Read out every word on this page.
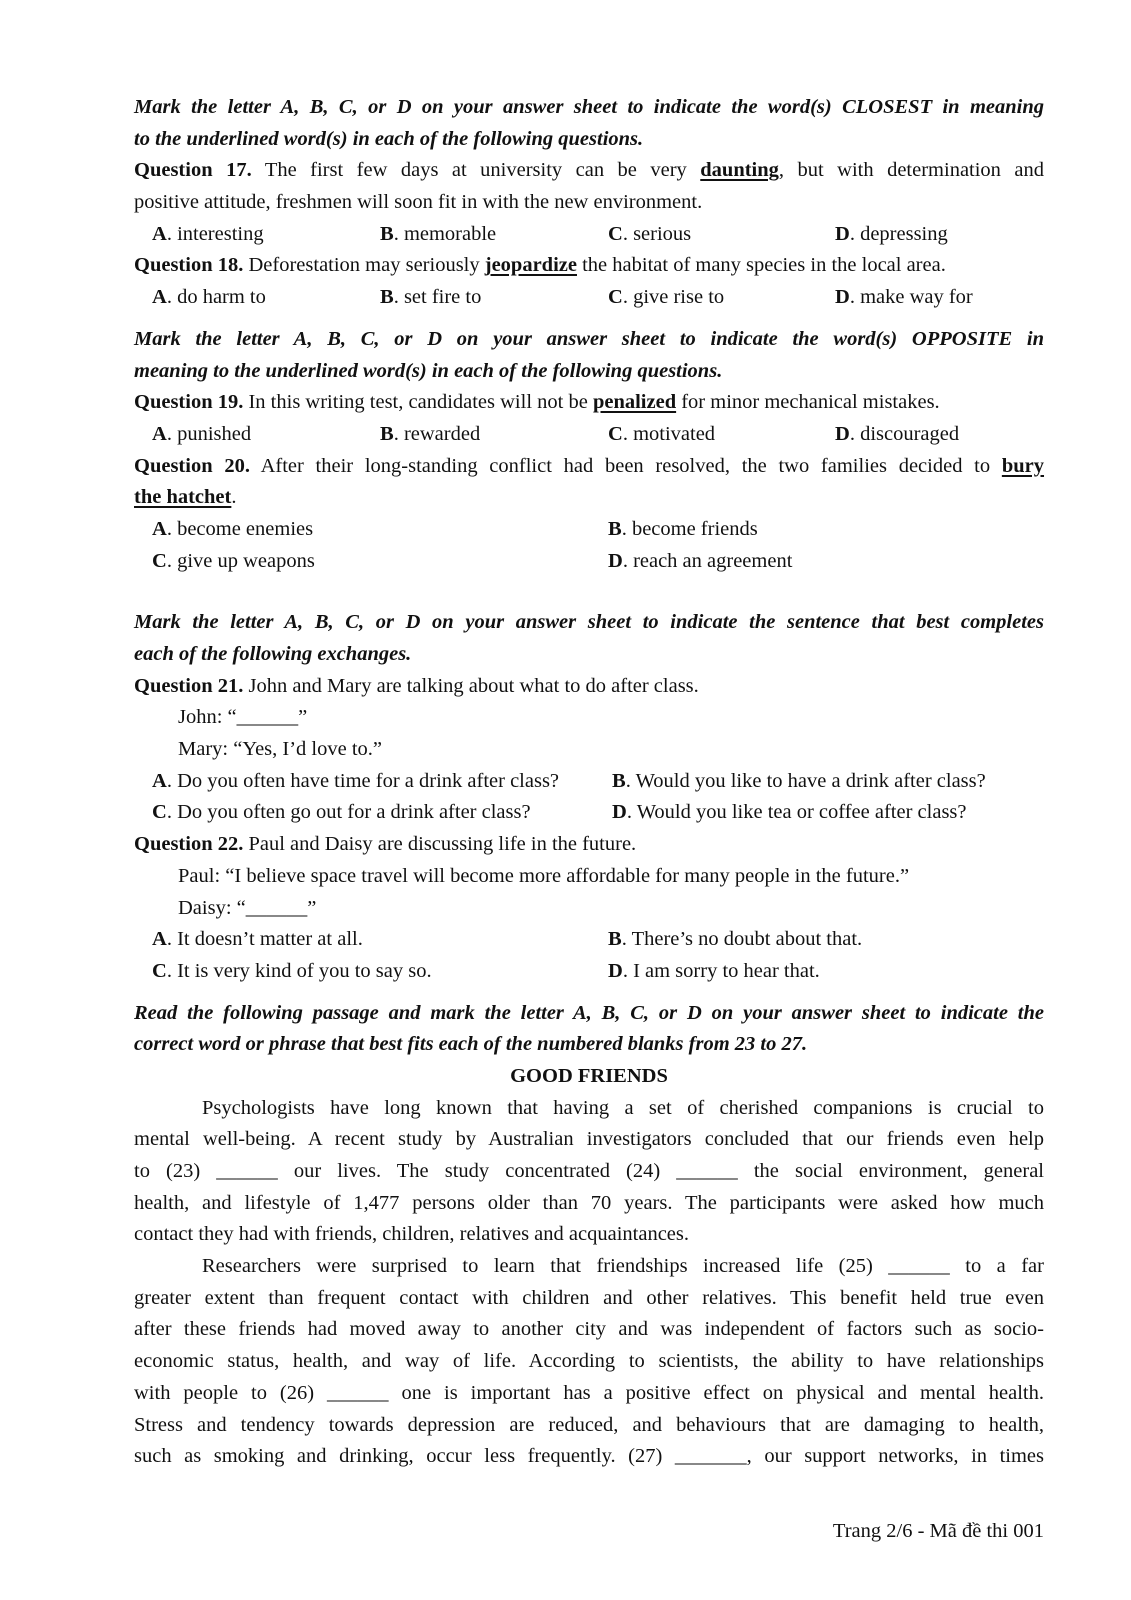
Mark the letter A, B, C, or D on your answer sheet to indicate the word(s) CLOSEST in meaning
to the underlined word(s) in each of the following questions.
Question 17. The first few days at university can be very daunting, but with determination and
positive attitude, freshmen will soon fit in with the new environment.
A. interesting	B. memorable	C. serious	D. depressing
Question 18. Deforestation may seriously jeopardize the habitat of many species in the local area.
A. do harm to	B. set fire to	C. give rise to	D. make way for
Mark the letter A, B, C, or D on your answer sheet to indicate the word(s) OPPOSITE in
meaning to the underlined word(s) in each of the following questions.
Question 19. In this writing test, candidates will not be penalized for minor mechanical mistakes.
A. punished	B. rewarded	C. motivated	D. discouraged
Question 20. After their long-standing conflict had been resolved, the two families decided to bury
the hatchet.
A. become enemies	B. become friends
C. give up weapons	D. reach an agreement
Mark the letter A, B, C, or D on your answer sheet to indicate the sentence that best completes
each of the following exchanges.
Question 21. John and Mary are talking about what to do after class.
John: “______”
Mary: “Yes, I’d love to.”
A. Do you often have time for a drink after class?	B. Would you like to have a drink after class?
C. Do you often go out for a drink after class?	D. Would you like tea or coffee after class?
Question 22. Paul and Daisy are discussing life in the future.
Paul: “I believe space travel will become more affordable for many people in the future.”
Daisy: “______”
A. It doesn’t matter at all.	B. There’s no doubt about that.
C. It is very kind of you to say so.	D. I am sorry to hear that.
Read the following passage and mark the letter A, B, C, or D on your answer sheet to indicate the
correct word or phrase that best fits each of the numbered blanks from 23 to 27.
GOOD FRIENDS
Psychologists have long known that having a set of cherished companions is crucial to
mental well-being. A recent study by Australian investigators concluded that our friends even help
to (23) ______ our lives. The study concentrated (24) ______ the social environment, general
health, and lifestyle of 1,477 persons older than 70 years. The participants were asked how much
contact they had with friends, children, relatives and acquaintances.
Researchers were surprised to learn that friendships increased life (25) ______ to a far
greater extent than frequent contact with children and other relatives. This benefit held true even
after these friends had moved away to another city and was independent of factors such as socio-
economic status, health, and way of life. According to scientists, the ability to have relationships
with people to (26) ______ one is important has a positive effect on physical and mental health.
Stress and tendency towards depression are reduced, and behaviours that are damaging to health,
such as smoking and drinking, occur less frequently. (27) _______, our support networks, in times
Trang 2/6 - Mã đề thi 001
